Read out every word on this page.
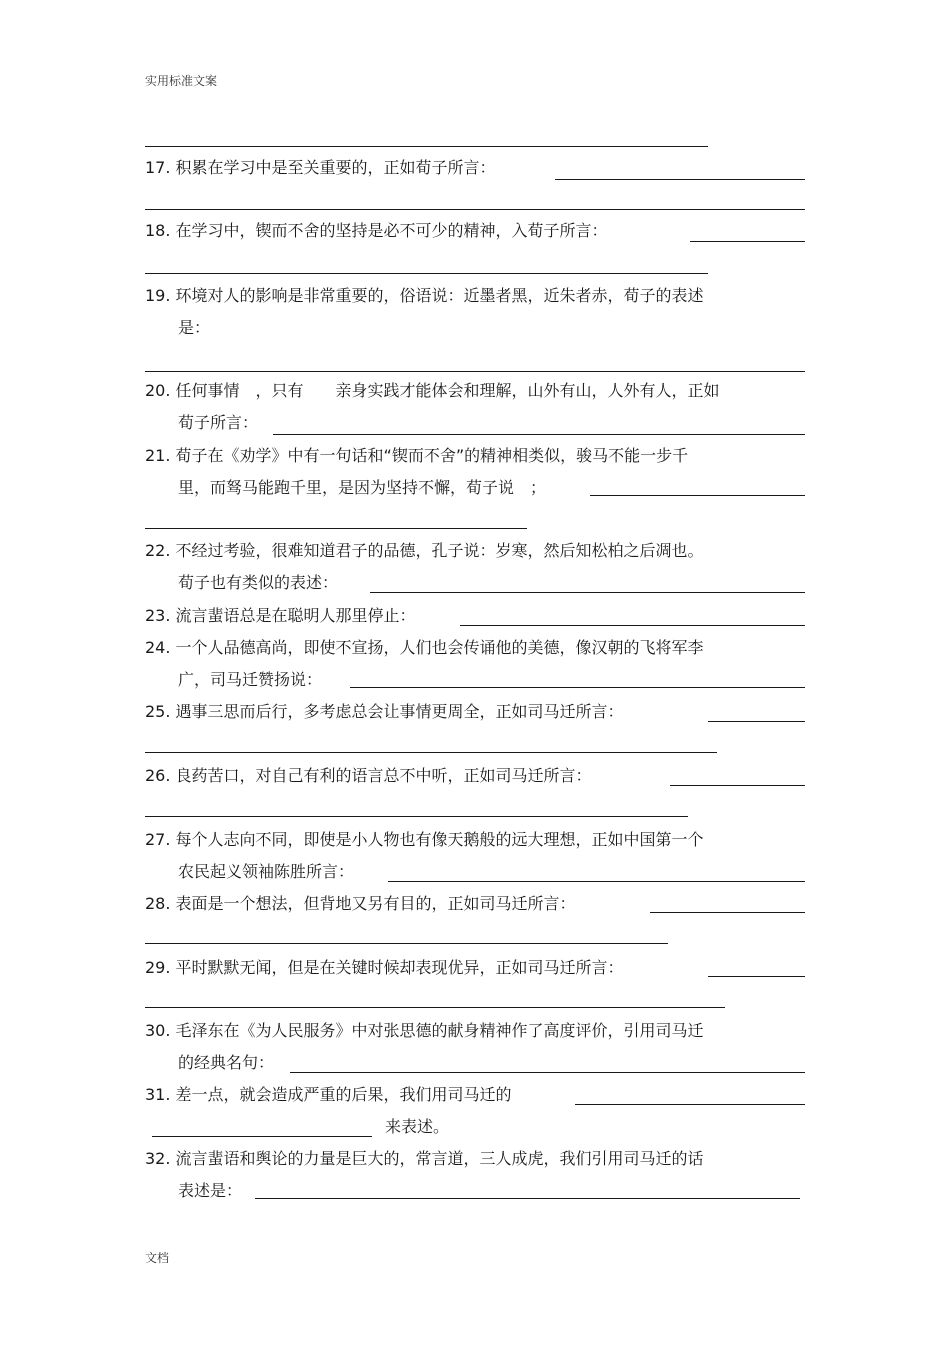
实用标准文案
17. 积累在学习中是至关重要的，正如荀子所言：
18. 在学习中，锲而不舍的坚持是必不可少的精神，入荀子所言：
19. 环境对人的影响是非常重要的，俗语说：近墨者黑，近朱者赤，荀子的表述
是：
20. 任何事情　，只有　　亲身实践才能体会和理解，山外有山，人外有人，正如
荀子所言：
21. 荀子在《劝学》中有一句话和“锲而不舍”的精神相类似，骏马不能一步千
里，而驽马能跑千里，是因为坚持不懈，荀子说　；
22. 不经过考验，很难知道君子的品德，孔子说：岁寒，然后知松柏之后凋也。
荀子也有类似的表述：
23. 流言蜚语总是在聪明人那里停止：
24. 一个人品德高尚，即使不宣扬，人们也会传诵他的美德，像汉朝的飞将军李
广，司马迁赞扬说：
25. 遇事三思而后行，多考虑总会让事情更周全，正如司马迁所言：
26. 良药苦口，对自己有利的语言总不中听，正如司马迁所言：
27. 每个人志向不同，即使是小人物也有像天鹅般的远大理想，正如中国第一个
农民起义领袖陈胜所言：
28. 表面是一个想法，但背地又另有目的，正如司马迁所言：
29. 平时默默无闻，但是在关键时候却表现优异，正如司马迁所言：
30. 毛泽东在《为人民服务》中对张思德的献身精神作了高度评价，引用司马迁
的经典名句：
31. 差一点，就会造成严重的后果，我们用司马迁的
来表述。
32. 流言蜚语和舆论的力量是巨大的，常言道，三人成虎，我们引用司马迁的话
表述是：
文档
